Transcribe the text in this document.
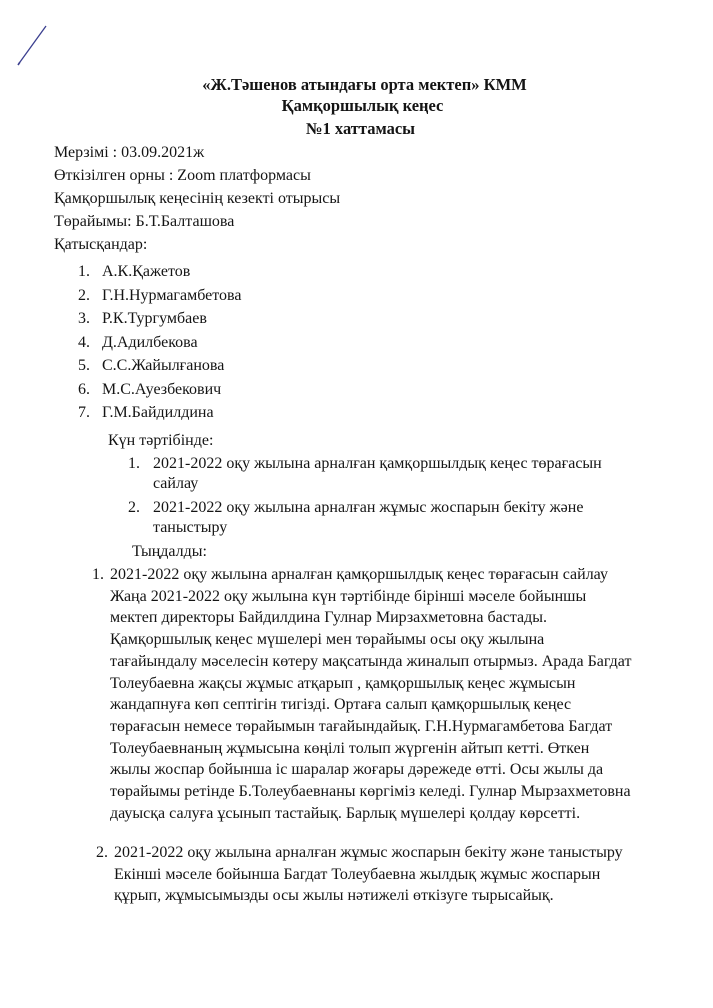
«Ж.Тәшенов атындағы орта мектеп» КММ
Қамқоршылық кеңес
№1 хаттамасы
Мерзімі : 03.09.2021ж
Өткізілген орны : Zoom платформасы
Қамқоршылық кеңесінің кезекті отырысы
Төрайымы: Б.Т.Балташова
Қатысқандар:
1. А.К.Қажетов
2. Г.Н.Нурмагамбетова
3. Р.К.Тургумбаев
4. Д.Адилбекова
5. С.С.Жайылғанова
6. М.С.Ауезбекович
7. Г.М.Байдилдина
Күн тәртібінде:
1. 2021-2022 оқу жылына арналған қамқоршылдық кеңес төрағасын
сайлау
2. 2021-2022 оқу жылына арналған жұмыс жоспарын бекіту және
таныстыру
Тыңдалды:
1. 2021-2022 оқу жылына арналған қамқоршылдық кеңес төрағасын сайлау
Жаңа 2021-2022 оқу жылына күн тәртібінде бірінші мәселе бойыншы
мектеп директоры Байдилдина Гулнар Мирзахметовна бастады.
Қамқоршылық кеңес мүшелері мен төрайымы осы оқу жылына
тағайындалу мәселесін көтеру мақсатында жиналып отырмыз. Арада Багдат
Толеубаевна жақсы жұмыс атқарып , қамқоршылық кеңес жұмысын
жандапнуға көп септігін тигізді. Ортаға салып қамқоршылық кеңес
төрағасын немесе төрайымын тағайындайық. Г.Н.Нурмагамбетова Багдат
Толеубаевнаның жұмысына көңілі толып жүргенін айтып кетті. Өткен
жылы жоспар бойынша іс шаралар жоғары дәрежеде өтті. Осы жылы да
төрайымы ретінде Б.Толеубаевнаны көргіміз келеді. Гулнар Мырзахметовна
дауысқа салуға ұсынып тастайық. Барлық мүшелері қолдау көрсетті.
2. 2021-2022 оқу жылына арналған жұмыс жоспарын бекіту және таныстыру
Екінші мәселе бойынша Багдат Толеубаевна жылдық жұмыс жоспарын
құрып, жұмысымызды осы жылы нәтижелі өткізуге тырысайық.
